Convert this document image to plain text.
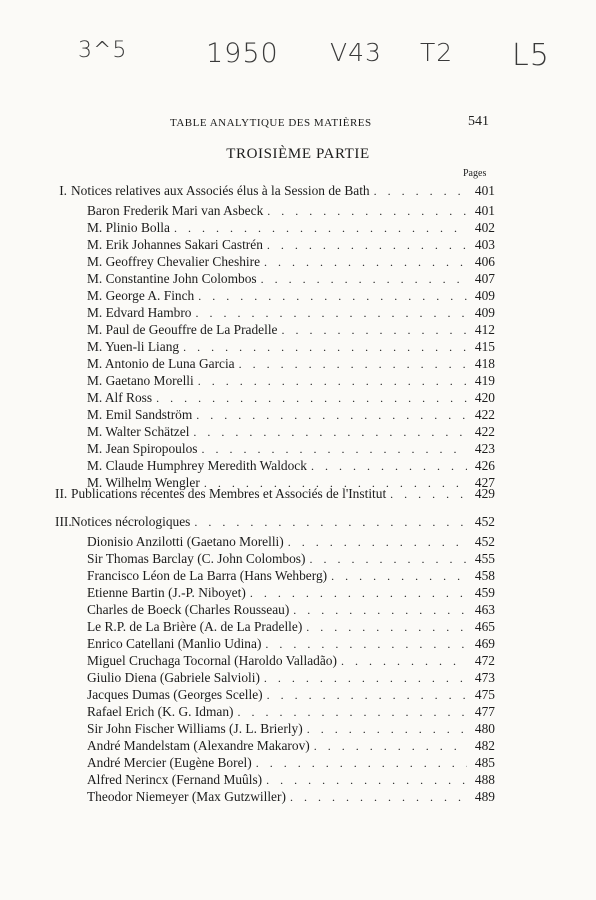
3^5	1950 V43 T2 L5
TABLE ANALYTIQUE DES MATIÈRES	541
TROISIÈME PARTIE
Pages
I. Notices relatives aux Associés élus à la Session de Bath . . .	401
Baron Frederik Mari van Asbeck . . .	401
M. Plinio Bolla . . .	402
M. Erik Johannes Sakari Castrén . . .	403
M. Geoffrey Chevalier Cheshire . . .	406
M. Constantine John Colombos . . .	407
M. George A. Finch . . .	409
M. Edvard Hambro . . .	409
M. Paul de Geouffre de La Pradelle . . .	412
M. Yuen-li Liang . . .	415
M. Antonio de Luna Garcia . . .	418
M. Gaetano Morelli . . .	419
M. Alf Ross . . .	420
M. Emil Sandström . . .	422
M. Walter Schätzel . . .	422
M. Jean Spiropoulos . . .	423
M. Claude Humphrey Meredith Waldock . . .	426
M. Wilhelm Wengler . . .	427
II. Publications récentes des Membres et Associés de l'Institut . . .	429
III.Notices nécrologiques . . .	452
Dionisio Anzilotti (Gaetano Morelli) . . .	452
Sir Thomas Barclay (C. John Colombos) . . .	455
Francisco Léon de La Barra (Hans Wehberg) . . .	458
Etienne Bartin (J.-P. Niboyet) . . .	459
Charles de Boeck (Charles Rousseau) . . .	463
Le R.P. de La Brière (A. de La Pradelle) . . .	465
Enrico Catellani (Manlio Udina) . . .	469
Miguel Cruchaga Tocornal (Haroldo Valladão) . . .	472
Giulio Diena (Gabriele Salvioli) . . .	473
Jacques Dumas (Georges Scelle) . . .	475
Rafael Erich (K. G. Idman) . . .	477
Sir John Fischer Williams (J. L. Brierly) . . .	480
André Mandelstam (Alexandre Makarov) . . .	482
André Mercier (Eugène Borel) . . .	485
Alfred Nerincx (Fernand Muûls) . . .	488
Theodor Niemeyer (Max Gutzwiller) . . .	489
